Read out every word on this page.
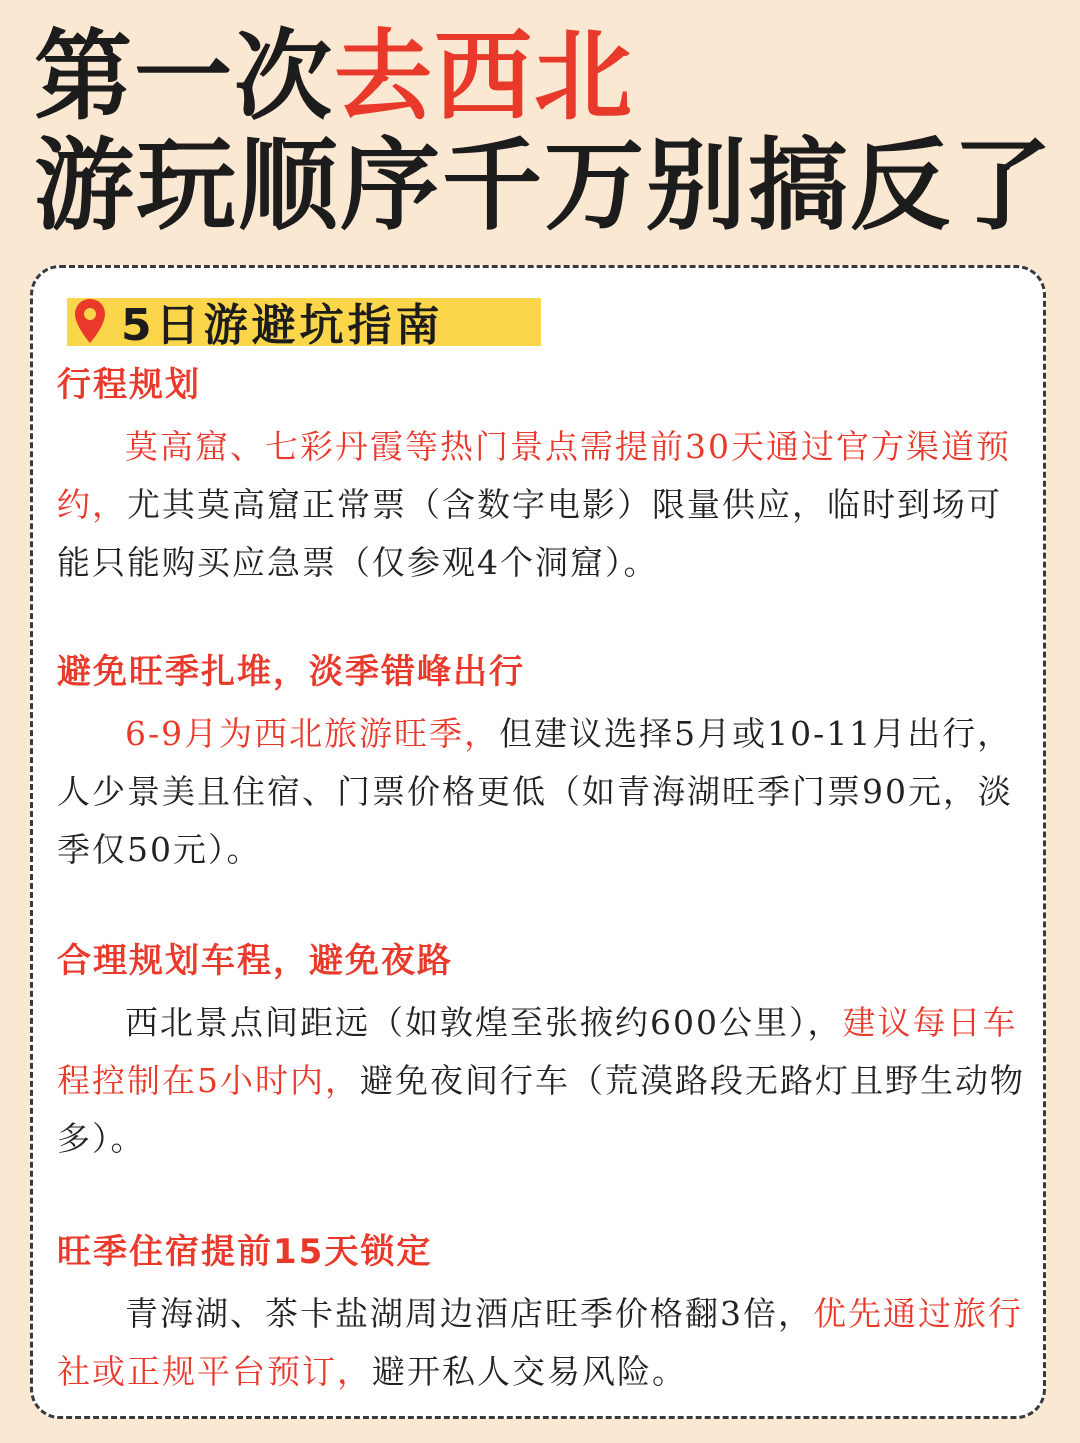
第一次去西北
游玩顺序千万别搞反了
5日游避坑指南
行程规划
莫高窟、七彩丹霞等热门景点需提前30天通过官方渠道预约，尤其莫高窟正常票（含数字电影）限量供应，临时到场可能只能购买应急票（仅参观4个洞窟）。
避免旺季扎堆，淡季错峰出行
6-9月为西北旅游旺季，但建议选择5月或10-11月出行，人少景美且住宿、门票价格更低（如青海湖旺季门票90元，淡季仅50元）。
合理规划车程，避免夜路
西北景点间距远（如敦煌至张掖约600公里），建议每日车程控制在5小时内，避免夜间行车（荒漠路段无路灯且野生动物多）。
旺季住宿提前15天锁定
青海湖、茶卡盐湖周边酒店旺季价格翻3倍，优先通过旅行社或正规平台预订，避开私人交易风险。
